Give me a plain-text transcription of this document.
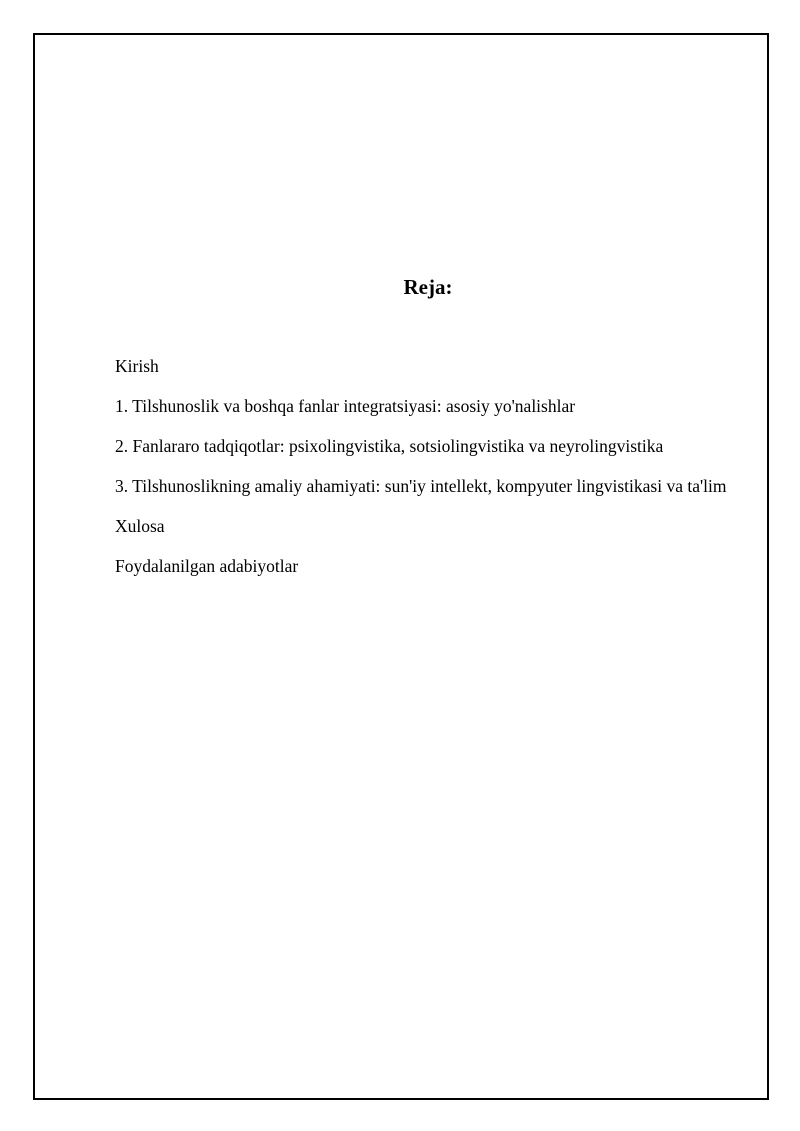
Reja:
Kirish
1. Tilshunoslik va boshqa fanlar integratsiyasi: asosiy yo'nalishlar
2. Fanlararo tadqiqotlar: psixolingvistika, sotsiolingvistika va neyrolingvistika
3. Tilshunoslikning amaliy ahamiyati: sun'iy intellekt, kompyuter lingvistikasi va ta'lim
Xulosa
Foydalanilgan adabiyotlar
